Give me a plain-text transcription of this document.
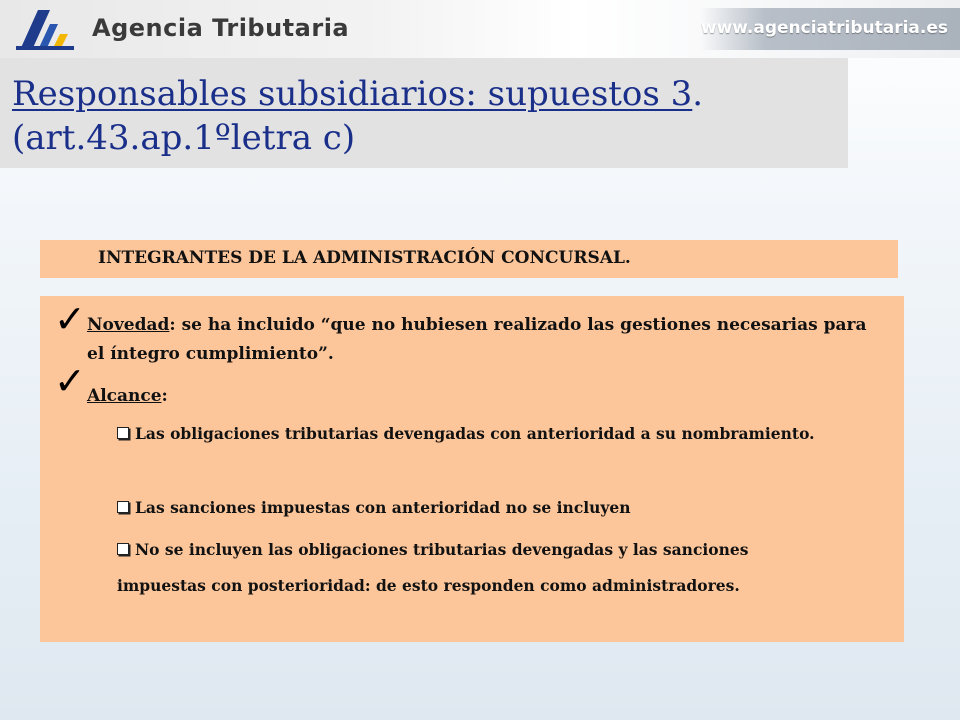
Agencia Tributaria	www.agenciatributaria.es
Responsables subsidiarios: supuestos 3.
(art.43.ap.1ºletra c)
INTEGRANTES DE LA ADMINISTRACIÓN CONCURSAL.
✓ Novedad: se ha incluido “que no hubiesen realizado las gestiones necesarias para el íntegro cumplimiento”.
✓ Alcance:
Las obligaciones tributarias devengadas con anterioridad a su nombramiento.
Las sanciones impuestas con anterioridad no se incluyen
No se incluyen las obligaciones tributarias devengadas y las sanciones impuestas con posterioridad: de esto responden como administradores.
